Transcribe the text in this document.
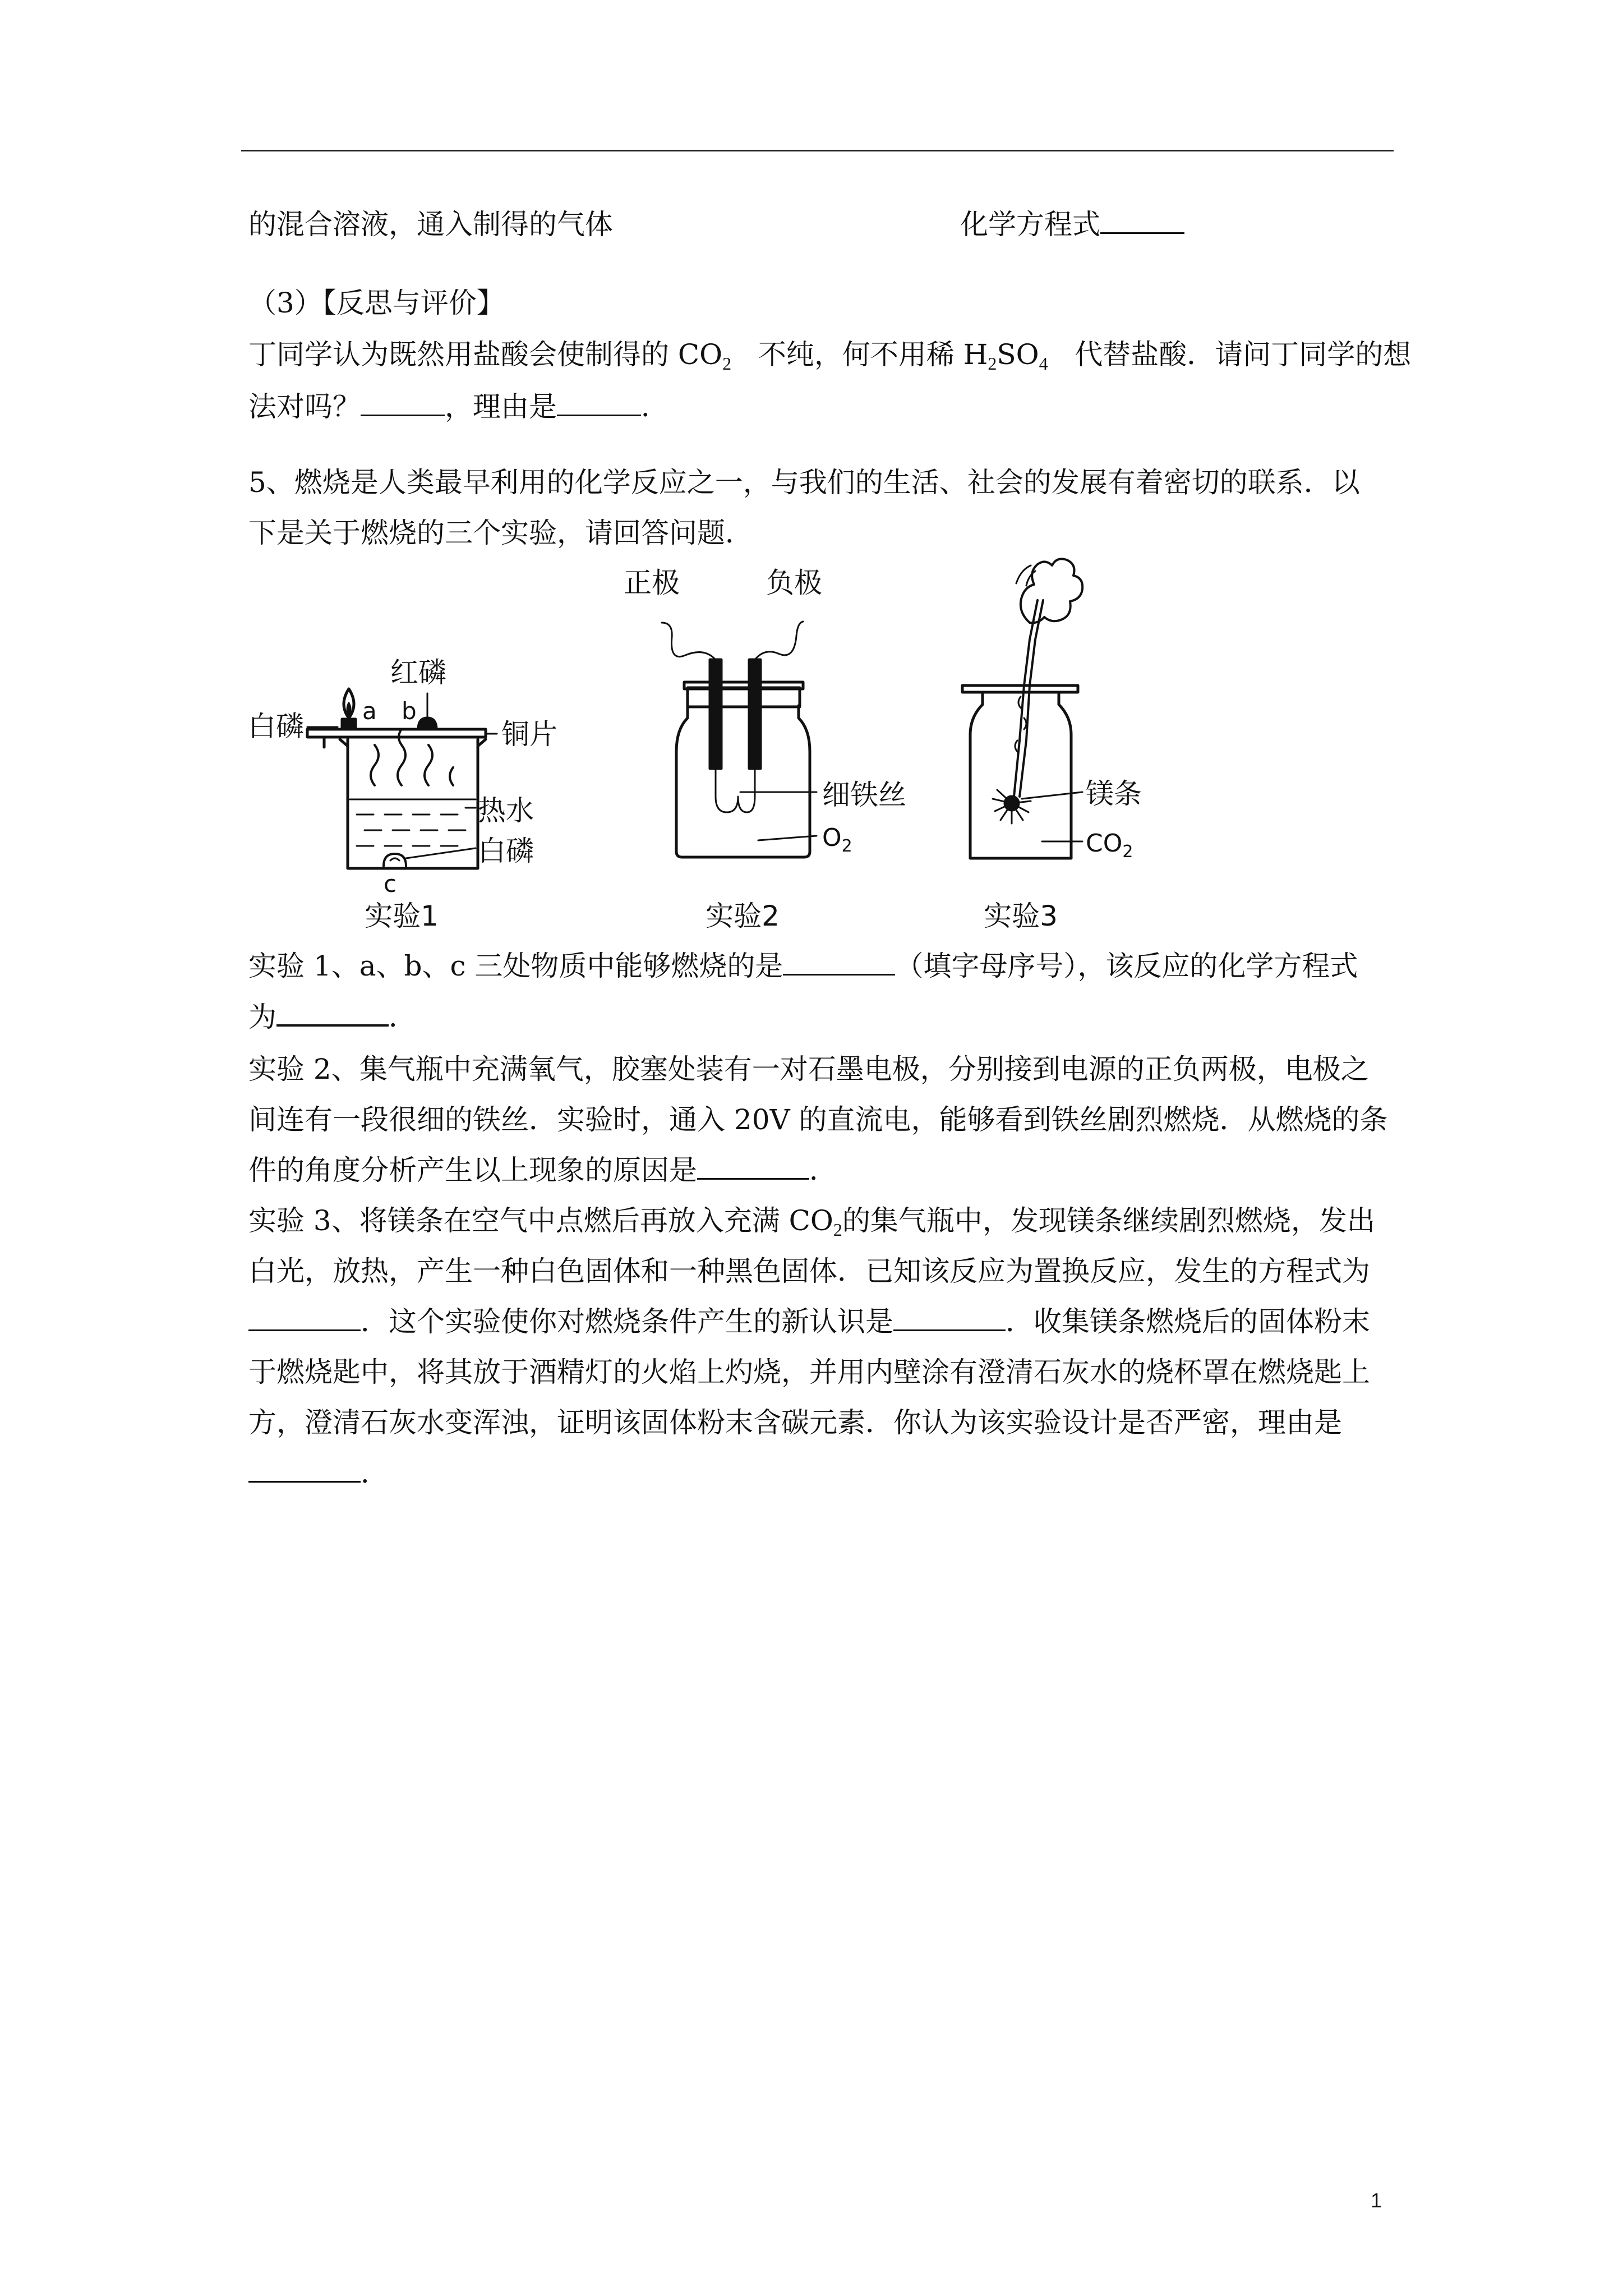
的混合溶液，通入制得的气体	化学方程式
（3）【反思与评价】
丁同学认为既然用盐酸会使制得的 $CO_2$ 不纯，何不用稀 $H_2SO_4$ 代替盐酸．请问丁同学的想
法对吗？	，理由是	．
5、燃烧是人类最早利用的化学反应之一，与我们的生活、社会的发展有着密切的联系．以
下是关于燃烧的三个实验，请回答问题．
红磷
白磷 a b
铜片
热水
白磷
c
实验1
正极	负极
细铁丝
$O_2$
实验2
镁条
$CO_2$
实验3
实验 1、a、b、c 三处物质中能够燃烧的是	（填字母序号），该反应的化学方程式
为	．
实验 2、集气瓶中充满氧气，胶塞处装有一对石墨电极，分别接到电源的正负两极，电极之
间连有一段很细的铁丝．实验时，通入 20V 的直流电，能够看到铁丝剧烈燃烧．从燃烧的条
件的角度分析产生以上现象的原因是	．
实验 3、将镁条在空气中点燃后再放入充满 $CO_2$的集气瓶中，发现镁条继续剧烈燃烧，发出
白光，放热，产生一种白色固体和一种黑色固体．已知该反应为置换反应，发生的方程式为
．这个实验使你对燃烧条件产生的新认识是	．收集镁条燃烧后的固体粉末
于燃烧匙中，将其放于酒精灯的火焰上灼烧，并用内壁涂有澄清石灰水的烧杯罩在燃烧匙上
方，澄清石灰水变浑浊，证明该固体粉末含碳元素．你认为该实验设计是否严密，理由是
．
1
